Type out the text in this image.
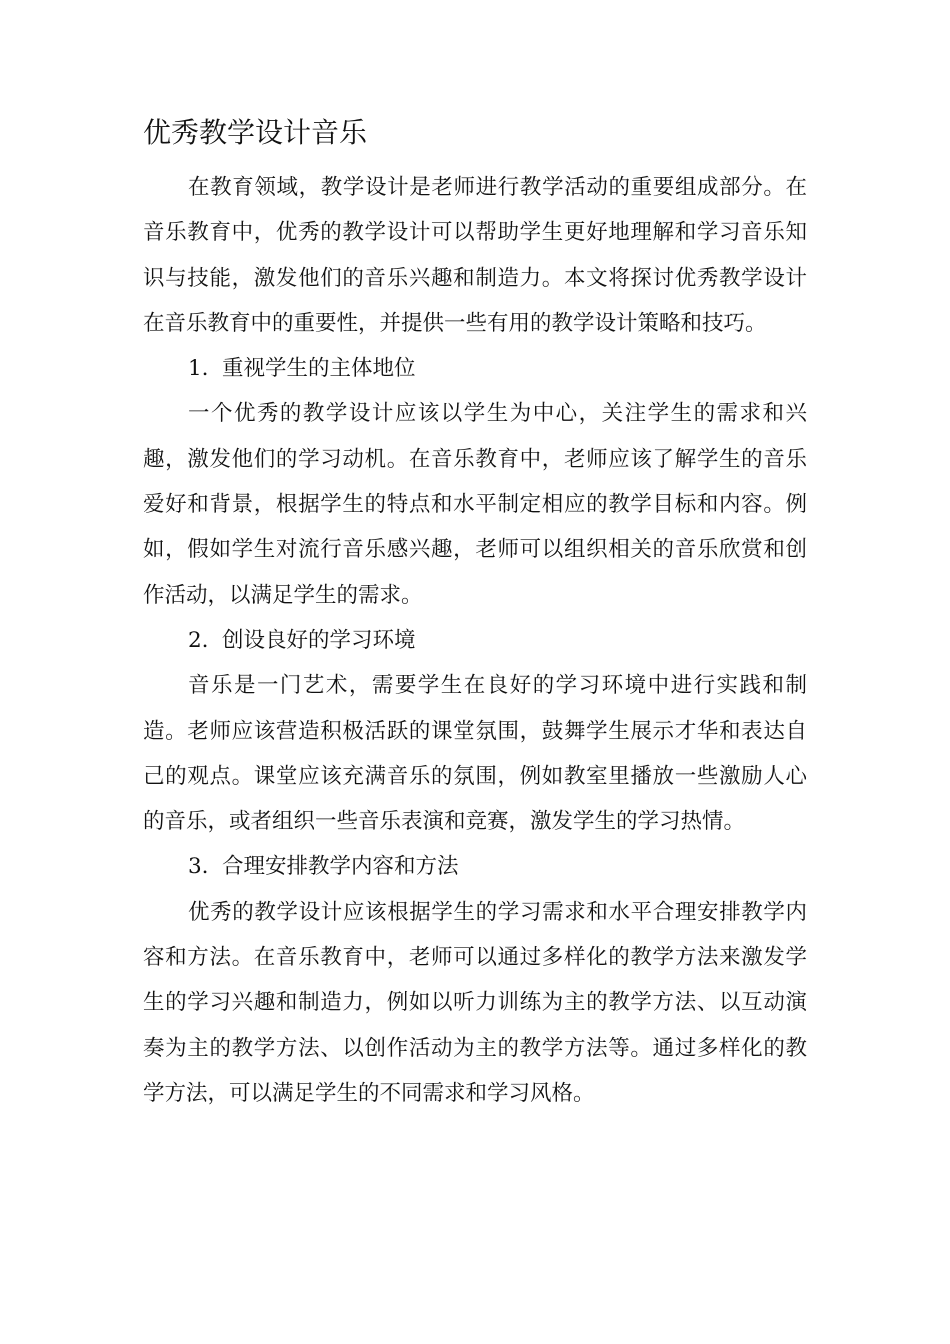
优秀教学设计音乐

在教育领域，教学设计是老师进行教学活动的重要组成部分。在音乐教育中，优秀的教学设计可以帮助学生更好地理解和学习音乐知识与技能，激发他们的音乐兴趣和制造力。本文将探讨优秀教学设计在音乐教育中的重要性，并提供一些有用的教学设计策略和技巧。

1. 重视学生的主体地位

一个优秀的教学设计应该以学生为中心，关注学生的需求和兴趣，激发他们的学习动机。在音乐教育中，老师应该了解学生的音乐爱好和背景，根据学生的特点和水平制定相应的教学目标和内容。例如，假如学生对流行音乐感兴趣，老师可以组织相关的音乐欣赏和创作活动，以满足学生的需求。

2. 创设良好的学习环境

音乐是一门艺术，需要学生在良好的学习环境中进行实践和制造。老师应该营造积极活跃的课堂氛围，鼓舞学生展示才华和表达自己的观点。课堂应该充满音乐的氛围，例如教室里播放一些激励人心的音乐，或者组织一些音乐表演和竞赛，激发学生的学习热情。

3. 合理安排教学内容和方法

优秀的教学设计应该根据学生的学习需求和水平合理安排教学内容和方法。在音乐教育中，老师可以通过多样化的教学方法来激发学生的学习兴趣和制造力，例如以听力训练为主的教学方法、以互动演奏为主的教学方法、以创作活动为主的教学方法等。通过多样化的教学方法，可以满足学生的不同需求和学习风格。
